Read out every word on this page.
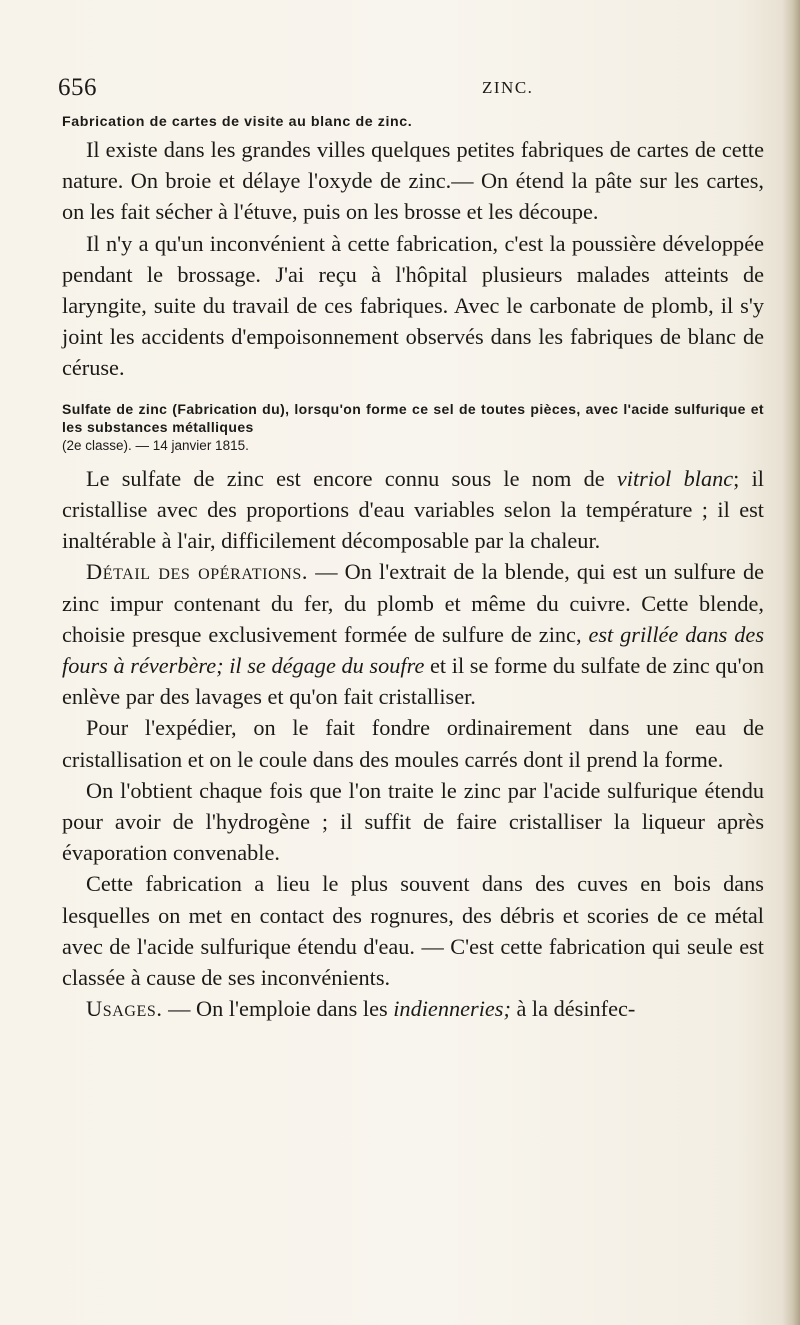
656	ZINC.
Fabrication de cartes de visite au blanc de zinc.

Il existe dans les grandes villes quelques petites fabriques de cartes de cette nature. On broie et délaye l'oxyde de zinc.— On étend la pâte sur les cartes, on les fait sécher à l'étuve, puis on les brosse et les découpe.

Il n'y a qu'un inconvénient à cette fabrication, c'est la poussière développée pendant le brossage. J'ai reçu à l'hôpital plusieurs malades atteints de laryngite, suite du travail de ces fabriques. Avec le carbonate de plomb, il s'y joint les accidents d'empoisonnement observés dans les fabriques de blanc de céruse.

Sulfate de zinc (Fabrication du), lorsqu'on forme ce sel de toutes pièces, avec l'acide sulfurique et les substances métalliques
(2e classe). — 14 janvier 1815.

Le sulfate de zinc est encore connu sous le nom de vitriol blanc; il cristallise avec des proportions d'eau variables selon la température ; il est inaltérable à l'air, difficilement décomposable par la chaleur.

Détail des opérations. — On l'extrait de la blende, qui est un sulfure de zinc impur contenant du fer, du plomb et même du cuivre. Cette blende, choisie presque exclusivement formée de sulfure de zinc, est grillée dans des fours à réverbère; il se dégage du soufre et il se forme du sulfate de zinc qu'on enlève par des lavages et qu'on fait cristalliser.

Pour l'expédier, on le fait fondre ordinairement dans une eau de cristallisation et on le coule dans des moules carrés dont il prend la forme.

On l'obtient chaque fois que l'on traite le zinc par l'acide sulfurique étendu pour avoir de l'hydrogène ; il suffit de faire cristalliser la liqueur après évaporation convenable.

Cette fabrication a lieu le plus souvent dans des cuves en bois dans lesquelles on met en contact des rognures, des débris et scories de ce métal avec de l'acide sulfurique étendu d'eau. — C'est cette fabrication qui seule est classée à cause de ses inconvénients.

Usages. — On l'emploie dans les indienneries; à la désinfec-
